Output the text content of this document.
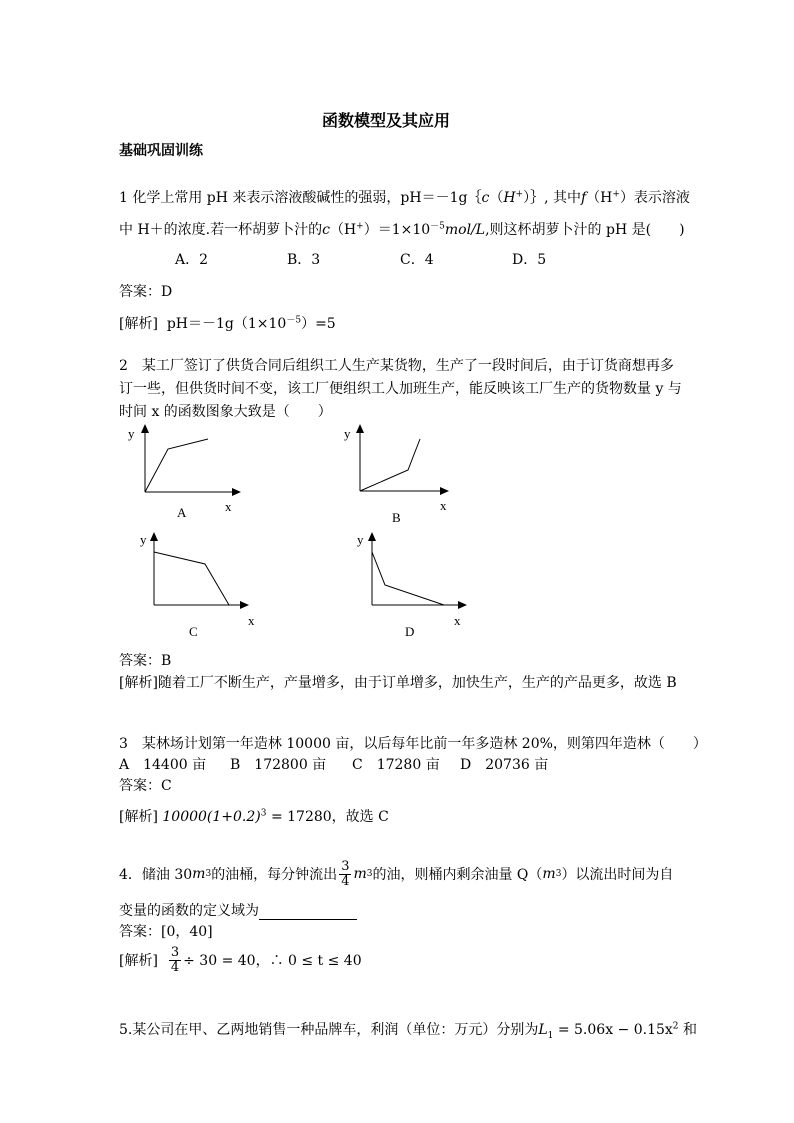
函数模型及其应用
基础巩固训练
1 化学上常用 pH 来表示溶液酸碱性的强弱，pH＝－1g｛c（H+）｝, 其中f（H+）表示溶液
中 H＋的浓度.若一杯胡萝卜汁的$c(H^+)=1\times 10^{-5}mol/L$,则这杯胡萝卜汁的 pH 是(　　)
A．2	B．3	C．4	D．5
答案：D
[解析] $pH=-1g(1\times 10^{-5})=5$
2　某工厂签订了供货合同后组织工人生产某货物，生产了一段时间后，由于订货商想再多
订一些，但供货时间不变，该工厂便组织工人加班生产，能反映该工厂生产的货物数量 y 与
时间 x 的函数图象大致是（　　）
y
x
A
y
x
B
y
x
C
y
x
D
答案：B
[解析]随着工厂不断生产，产量增多，由于订单增多，加快生产，生产的产品更多，故选 B
3　某林场计划第一年造林 10000 亩，以后每年比前一年多造林 20%，则第四年造林（　　）
A　14400 亩 B　172800 亩 C　17280 亩 D　20736 亩
答案：C
[解析] $10000(1+0.2)^3 = 17280$，故选 C
4．储油 30 m 3 的油桶，每分钟流出 $\frac{3}{4}$ m 3 的油，则桶内剩余油量 Q（ m 3 ）以流出时间为自
变量的函数的定义域为
答案：[0，40]
[解析]
$\frac{3}{4} \div 30 = 40$，∴ 0 ≤ t ≤ 40
5.某公司在甲、乙两地销售一种品牌车，利润（单位：万元）分别为$L_1 = 5.06x - 0.15x^2$ 和
